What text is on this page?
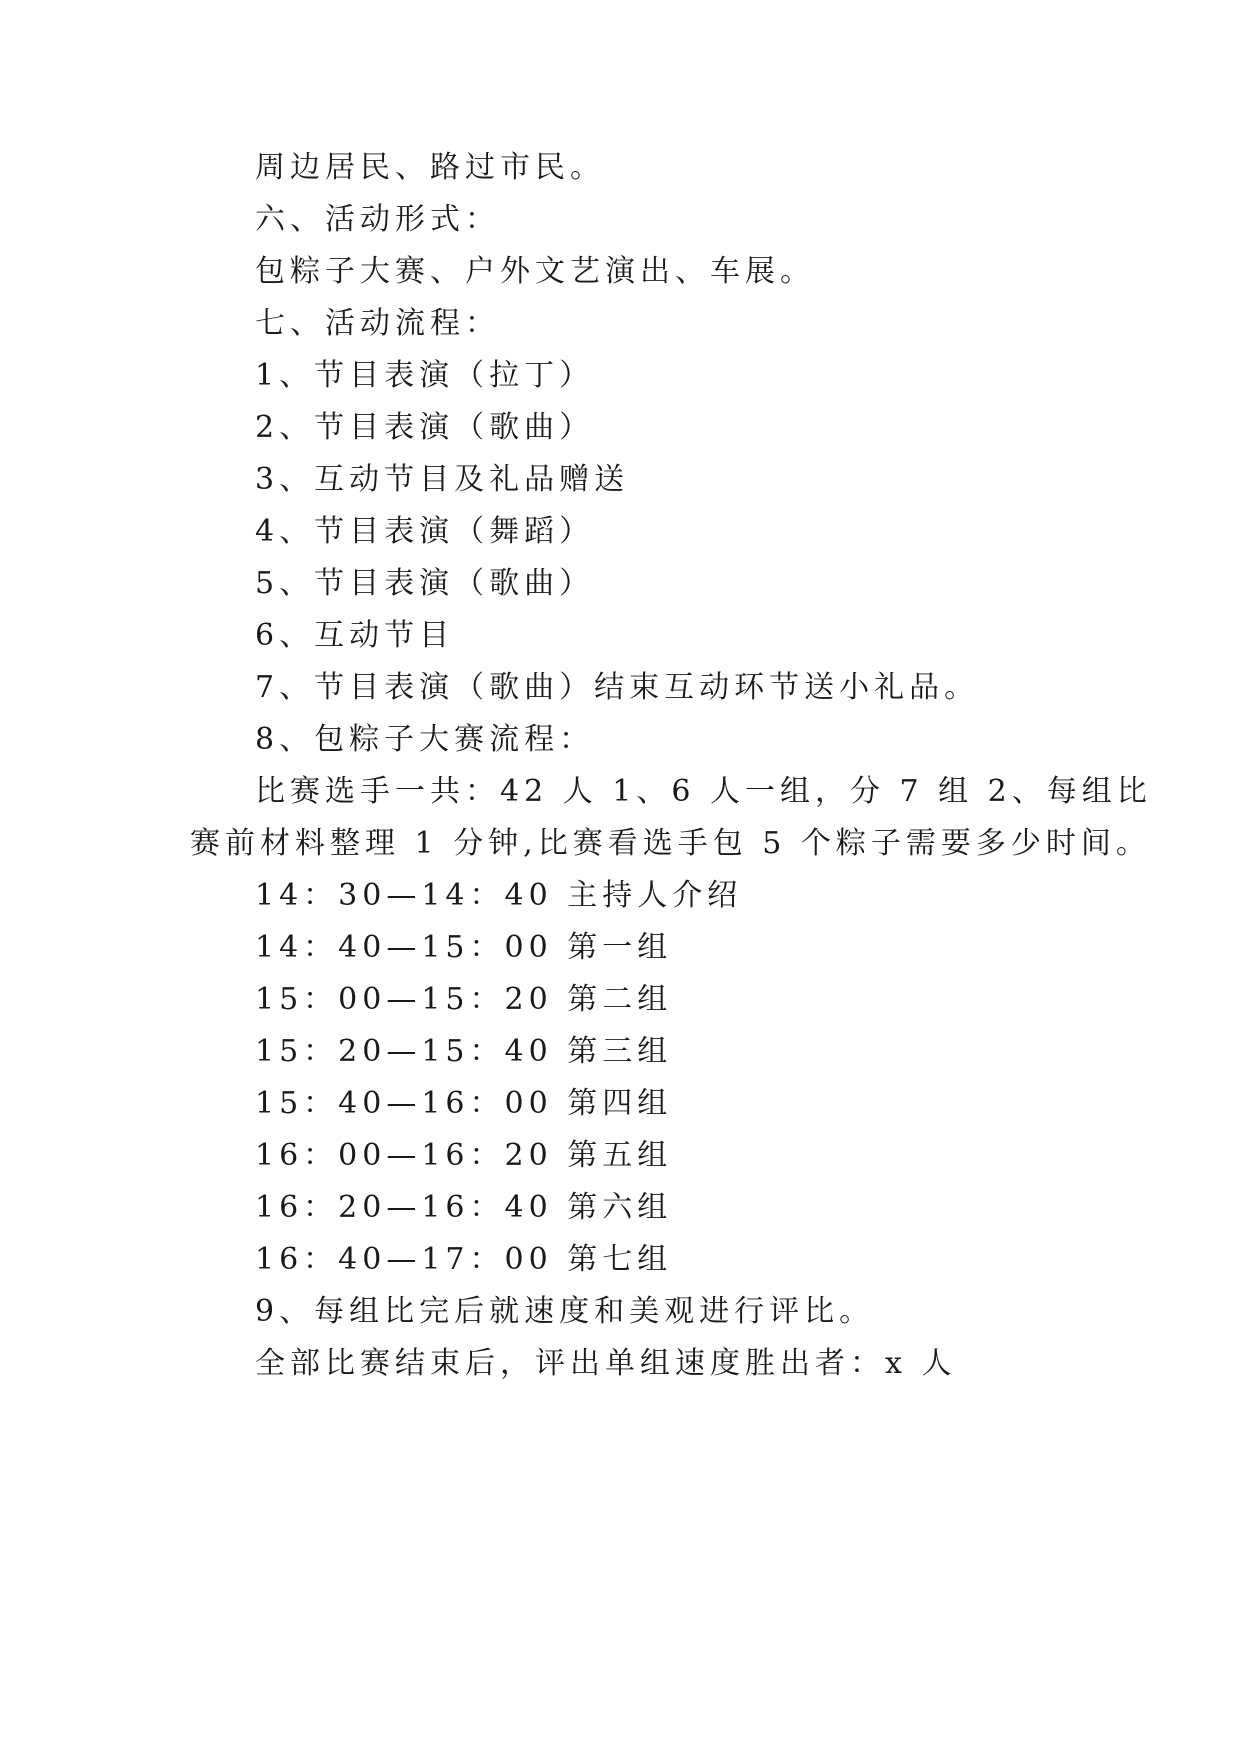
周边居民、路过市民。
六、活动形式：
包粽子大赛、户外文艺演出、车展。
七、活动流程：
1、节目表演（拉丁）
2、节目表演（歌曲）
3、互动节目及礼品赠送
4、节目表演（舞蹈）
5、节目表演（歌曲）
6、互动节目
7、节目表演（歌曲）结束互动环节送小礼品。
8、包粽子大赛流程：
比赛选手一共：42 人 1、6 人一组，分 7 组 2、每组比
赛前材料整理 1 分钟,比赛看选手包 5 个粽子需要多少时间。
14：30—14：40 主持人介绍
14：40—15：00 第一组
15：00—15：20 第二组
15：20—15：40 第三组
15：40—16：00 第四组
16：00—16：20 第五组
16：20—16：40 第六组
16：40—17：00 第七组
9、每组比完后就速度和美观进行评比。
全部比赛结束后，评出单组速度胜出者：x 人
